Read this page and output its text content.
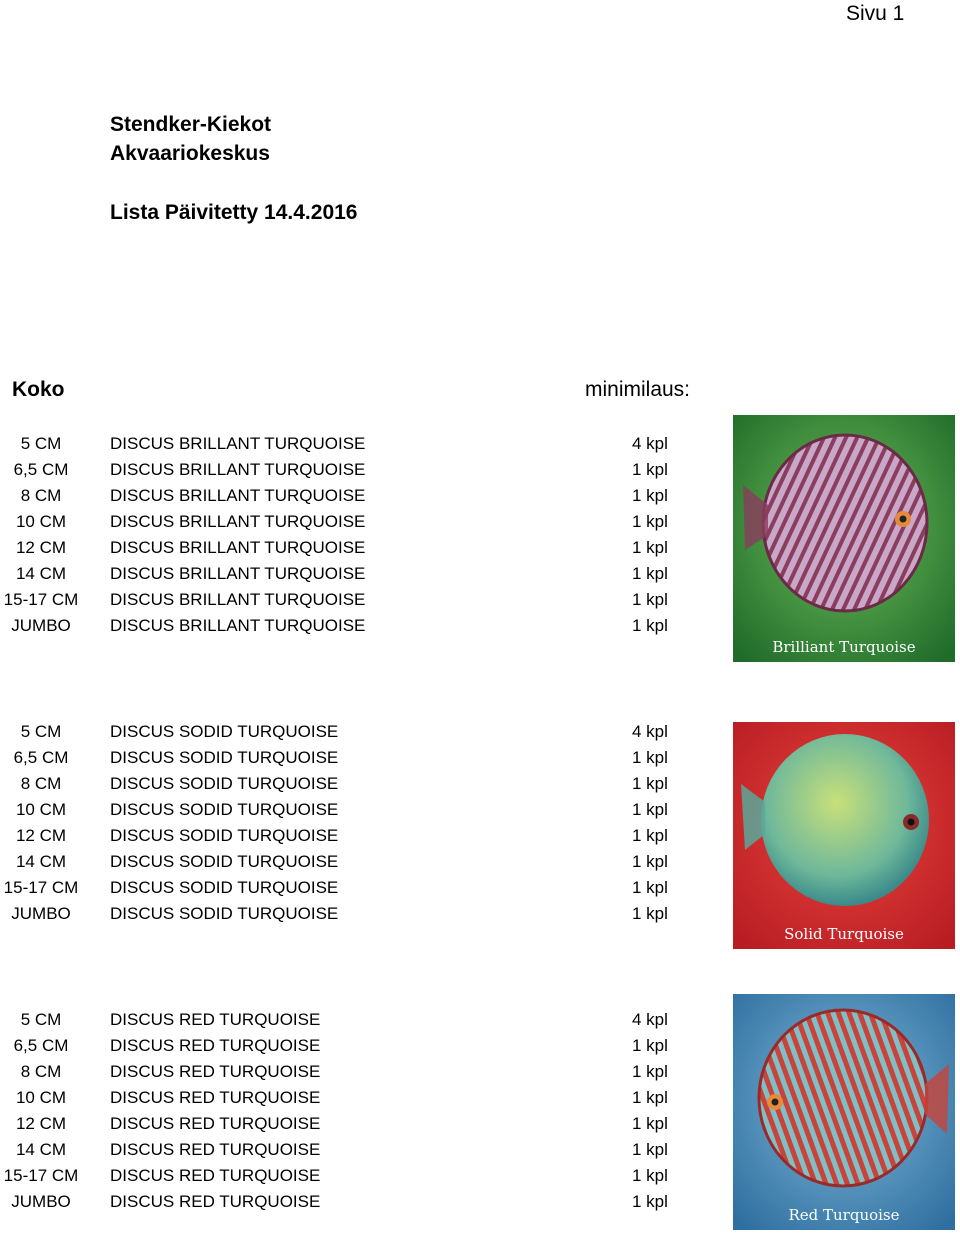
Sivu 1
Stendker-Kiekot
Akvaariokeskus
Lista Päivitetty 14.4.2016
Koko	minimilaus:
5 CM	DISCUS BRILLANT TURQUOISE	4 kpl
6,5 CM	DISCUS BRILLANT TURQUOISE	1 kpl
8 CM	DISCUS BRILLANT TURQUOISE	1 kpl
10 CM	DISCUS BRILLANT TURQUOISE	1 kpl
12 CM	DISCUS BRILLANT TURQUOISE	1 kpl
14 CM	DISCUS BRILLANT TURQUOISE	1 kpl
15-17 CM DISCUS BRILLANT TURQUOISE	1 kpl
JUMBO	DISCUS BRILLANT TURQUOISE	1 kpl
Brilliant Turquoise
5 CM	DISCUS SODID TURQUOISE	4 kpl
6,5 CM	DISCUS SODID TURQUOISE	1 kpl
8 CM	DISCUS SODID TURQUOISE	1 kpl
10 CM	DISCUS SODID TURQUOISE	1 kpl
12 CM	DISCUS SODID TURQUOISE	1 kpl
14 CM	DISCUS SODID TURQUOISE	1 kpl
15-17 CM DISCUS SODID TURQUOISE	1 kpl
JUMBO	DISCUS SODID TURQUOISE	1 kpl
Solid Turquoise
5 CM	DISCUS RED TURQUOISE	4 kpl
6,5 CM	DISCUS RED TURQUOISE	1 kpl
8 CM	DISCUS RED TURQUOISE	1 kpl
10 CM	DISCUS RED TURQUOISE	1 kpl
12 CM	DISCUS RED TURQUOISE	1 kpl
14 CM	DISCUS RED TURQUOISE	1 kpl
15-17 CM DISCUS RED TURQUOISE	1 kpl
JUMBO	DISCUS RED TURQUOISE	1 kpl
Red Turquoise
